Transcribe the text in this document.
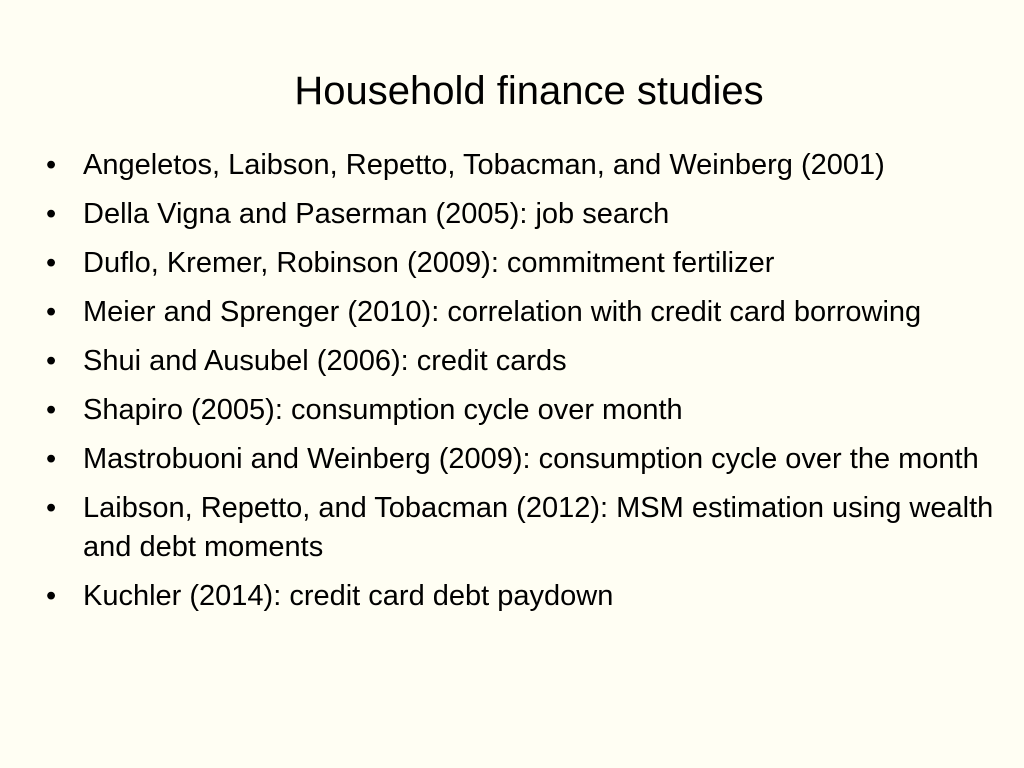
Household finance studies
• Angeletos, Laibson, Repetto, Tobacman, and Weinberg (2001)
• Della Vigna and Paserman (2005): job search
• Duflo, Kremer, Robinson (2009): commitment fertilizer
• Meier and Sprenger (2010): correlation with credit card borrowing
• Shui and Ausubel (2006): credit cards
• Shapiro (2005): consumption cycle over month
• Mastrobuoni and Weinberg (2009): consumption cycle over the month
• Laibson, Repetto, and Tobacman (2012): MSM estimation using wealth and debt moments
• Kuchler (2014): credit card debt paydown
